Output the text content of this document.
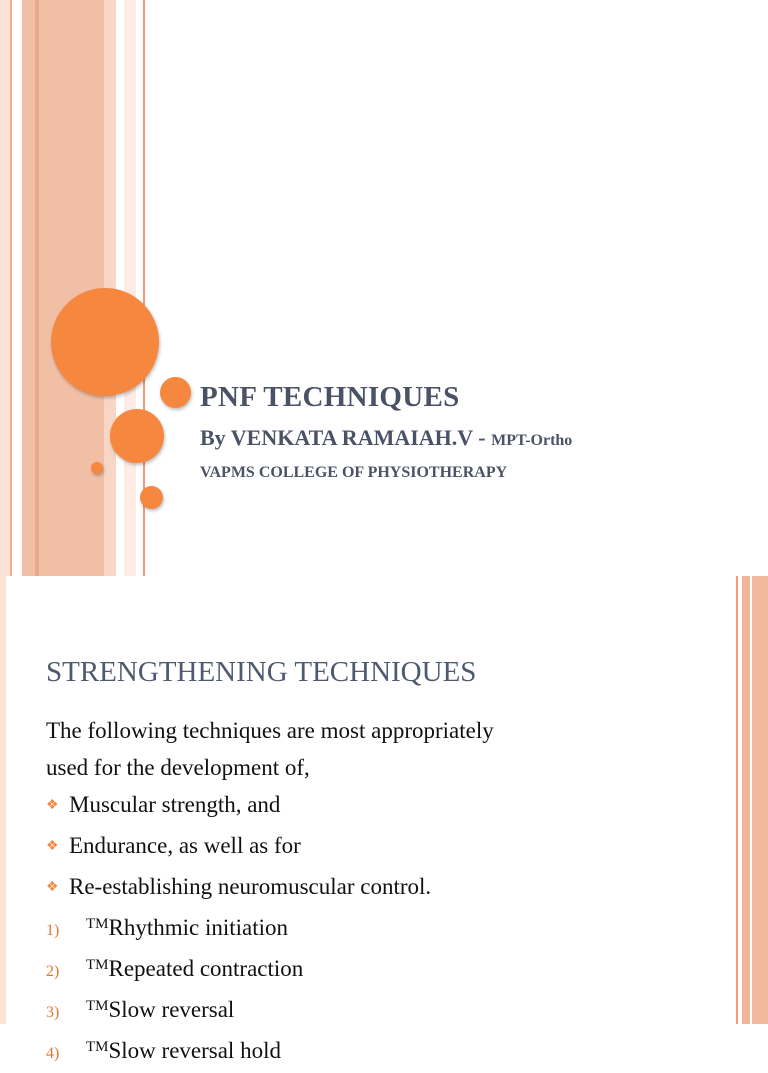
PNF TECHNIQUES
By VENKATA RAMAIAH.V - MPT-Ortho
VAPMS COLLEGE OF PHYSIOTHERAPY
STRENGTHENING TECHNIQUES

The following techniques are most appropriately

used for the development of,

❖ Muscular strength, and
❖ Endurance, as well as for
❖ Re-establishing neuromuscular control.
1)	TM Rhythmic initiation
2)	TM Repeated contraction
3)	TM Slow reversal
4)	TM Slow reversal hold
